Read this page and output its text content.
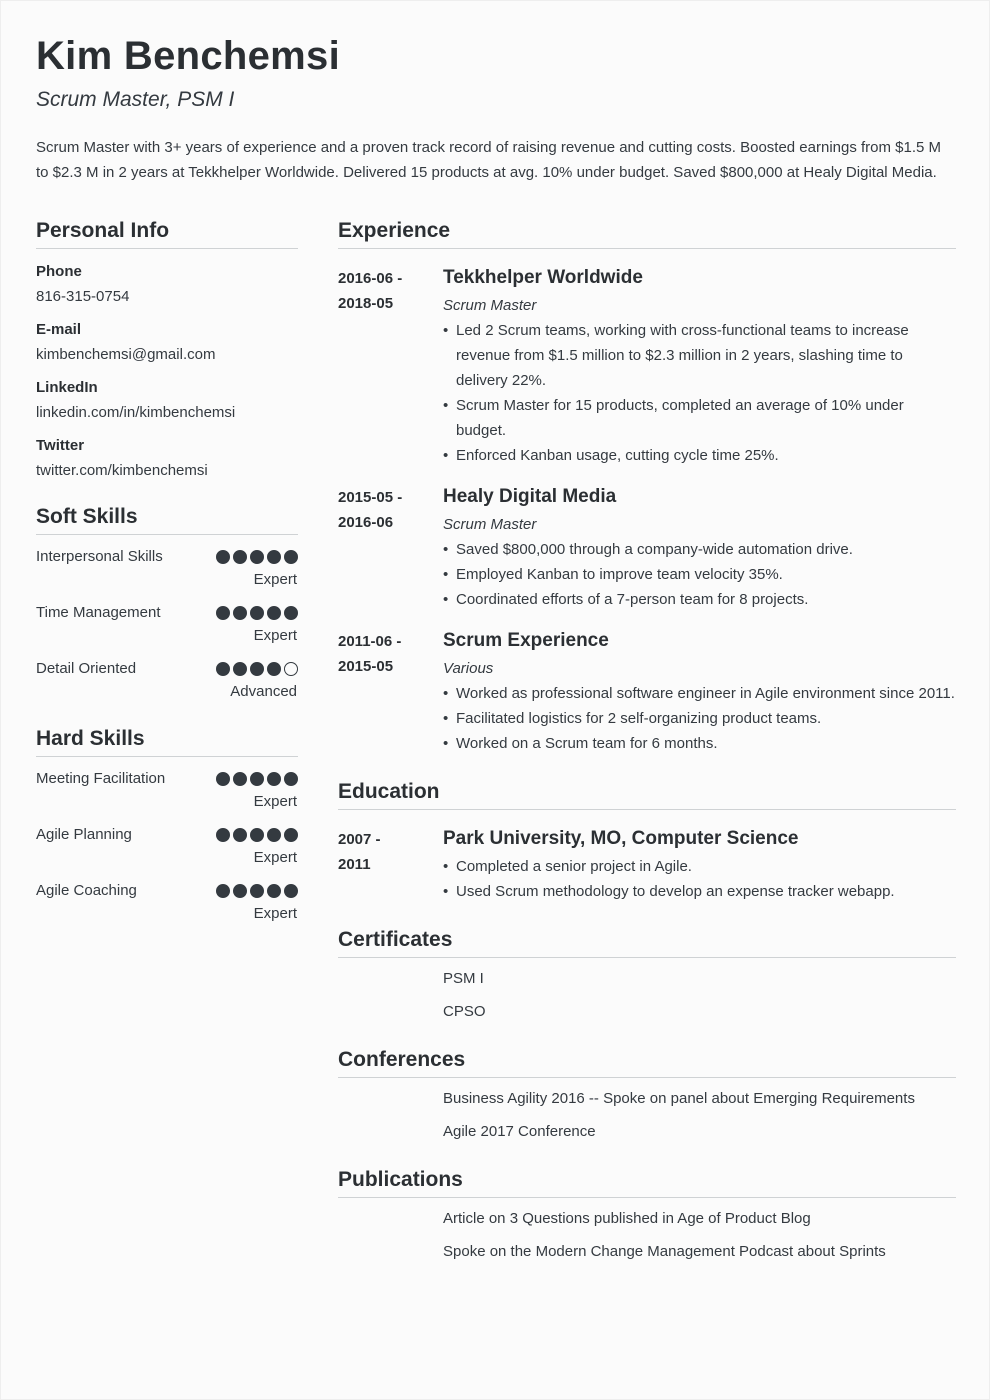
Kim Benchemsi
Scrum Master, PSM I
Scrum Master with 3+ years of experience and a proven track record of raising revenue and cutting costs. Boosted earnings from $1.5 M to $2.3 M in 2 years at Tekkhelper Worldwide. Delivered 15 products at avg. 10% under budget. Saved $800,000 at Healy Digital Media.
Personal Info
Phone
816-315-0754
E-mail
kimbenchemsi@gmail.com
LinkedIn
linkedin.com/in/kimbenchemsi
Twitter
twitter.com/kimbenchemsi
Soft Skills
Interpersonal Skills
Expert
Time Management
Expert
Detail Oriented
Advanced
Hard Skills
Meeting Facilitation
Expert
Agile Planning
Expert
Agile Coaching
Expert
Experience
2016-06 -
2018-05
Tekkhelper Worldwide
Scrum Master
• Led 2 Scrum teams, working with cross-functional teams to increase revenue from $1.5 million to $2.3 million in 2 years, slashing time to delivery 22%.
• Scrum Master for 15 products, completed an average of 10% under budget.
• Enforced Kanban usage, cutting cycle time 25%.
2015-05 -
2016-06
Healy Digital Media
Scrum Master
• Saved $800,000 through a company-wide automation drive.
• Employed Kanban to improve team velocity 35%.
• Coordinated efforts of a 7-person team for 8 projects.
2011-06 -
2015-05
Scrum Experience
Various
• Worked as professional software engineer in Agile environment since 2011.
• Facilitated logistics for 2 self-organizing product teams.
• Worked on a Scrum team for 6 months.
Education
2007 -
2011
Park University, MO, Computer Science
• Completed a senior project in Agile.
• Used Scrum methodology to develop an expense tracker webapp.
Certificates
PSM I
CPSO
Conferences
Business Agility 2016 -- Spoke on panel about Emerging Requirements
Agile 2017 Conference
Publications
Article on 3 Questions published in Age of Product Blog
Spoke on the Modern Change Management Podcast about Sprints
